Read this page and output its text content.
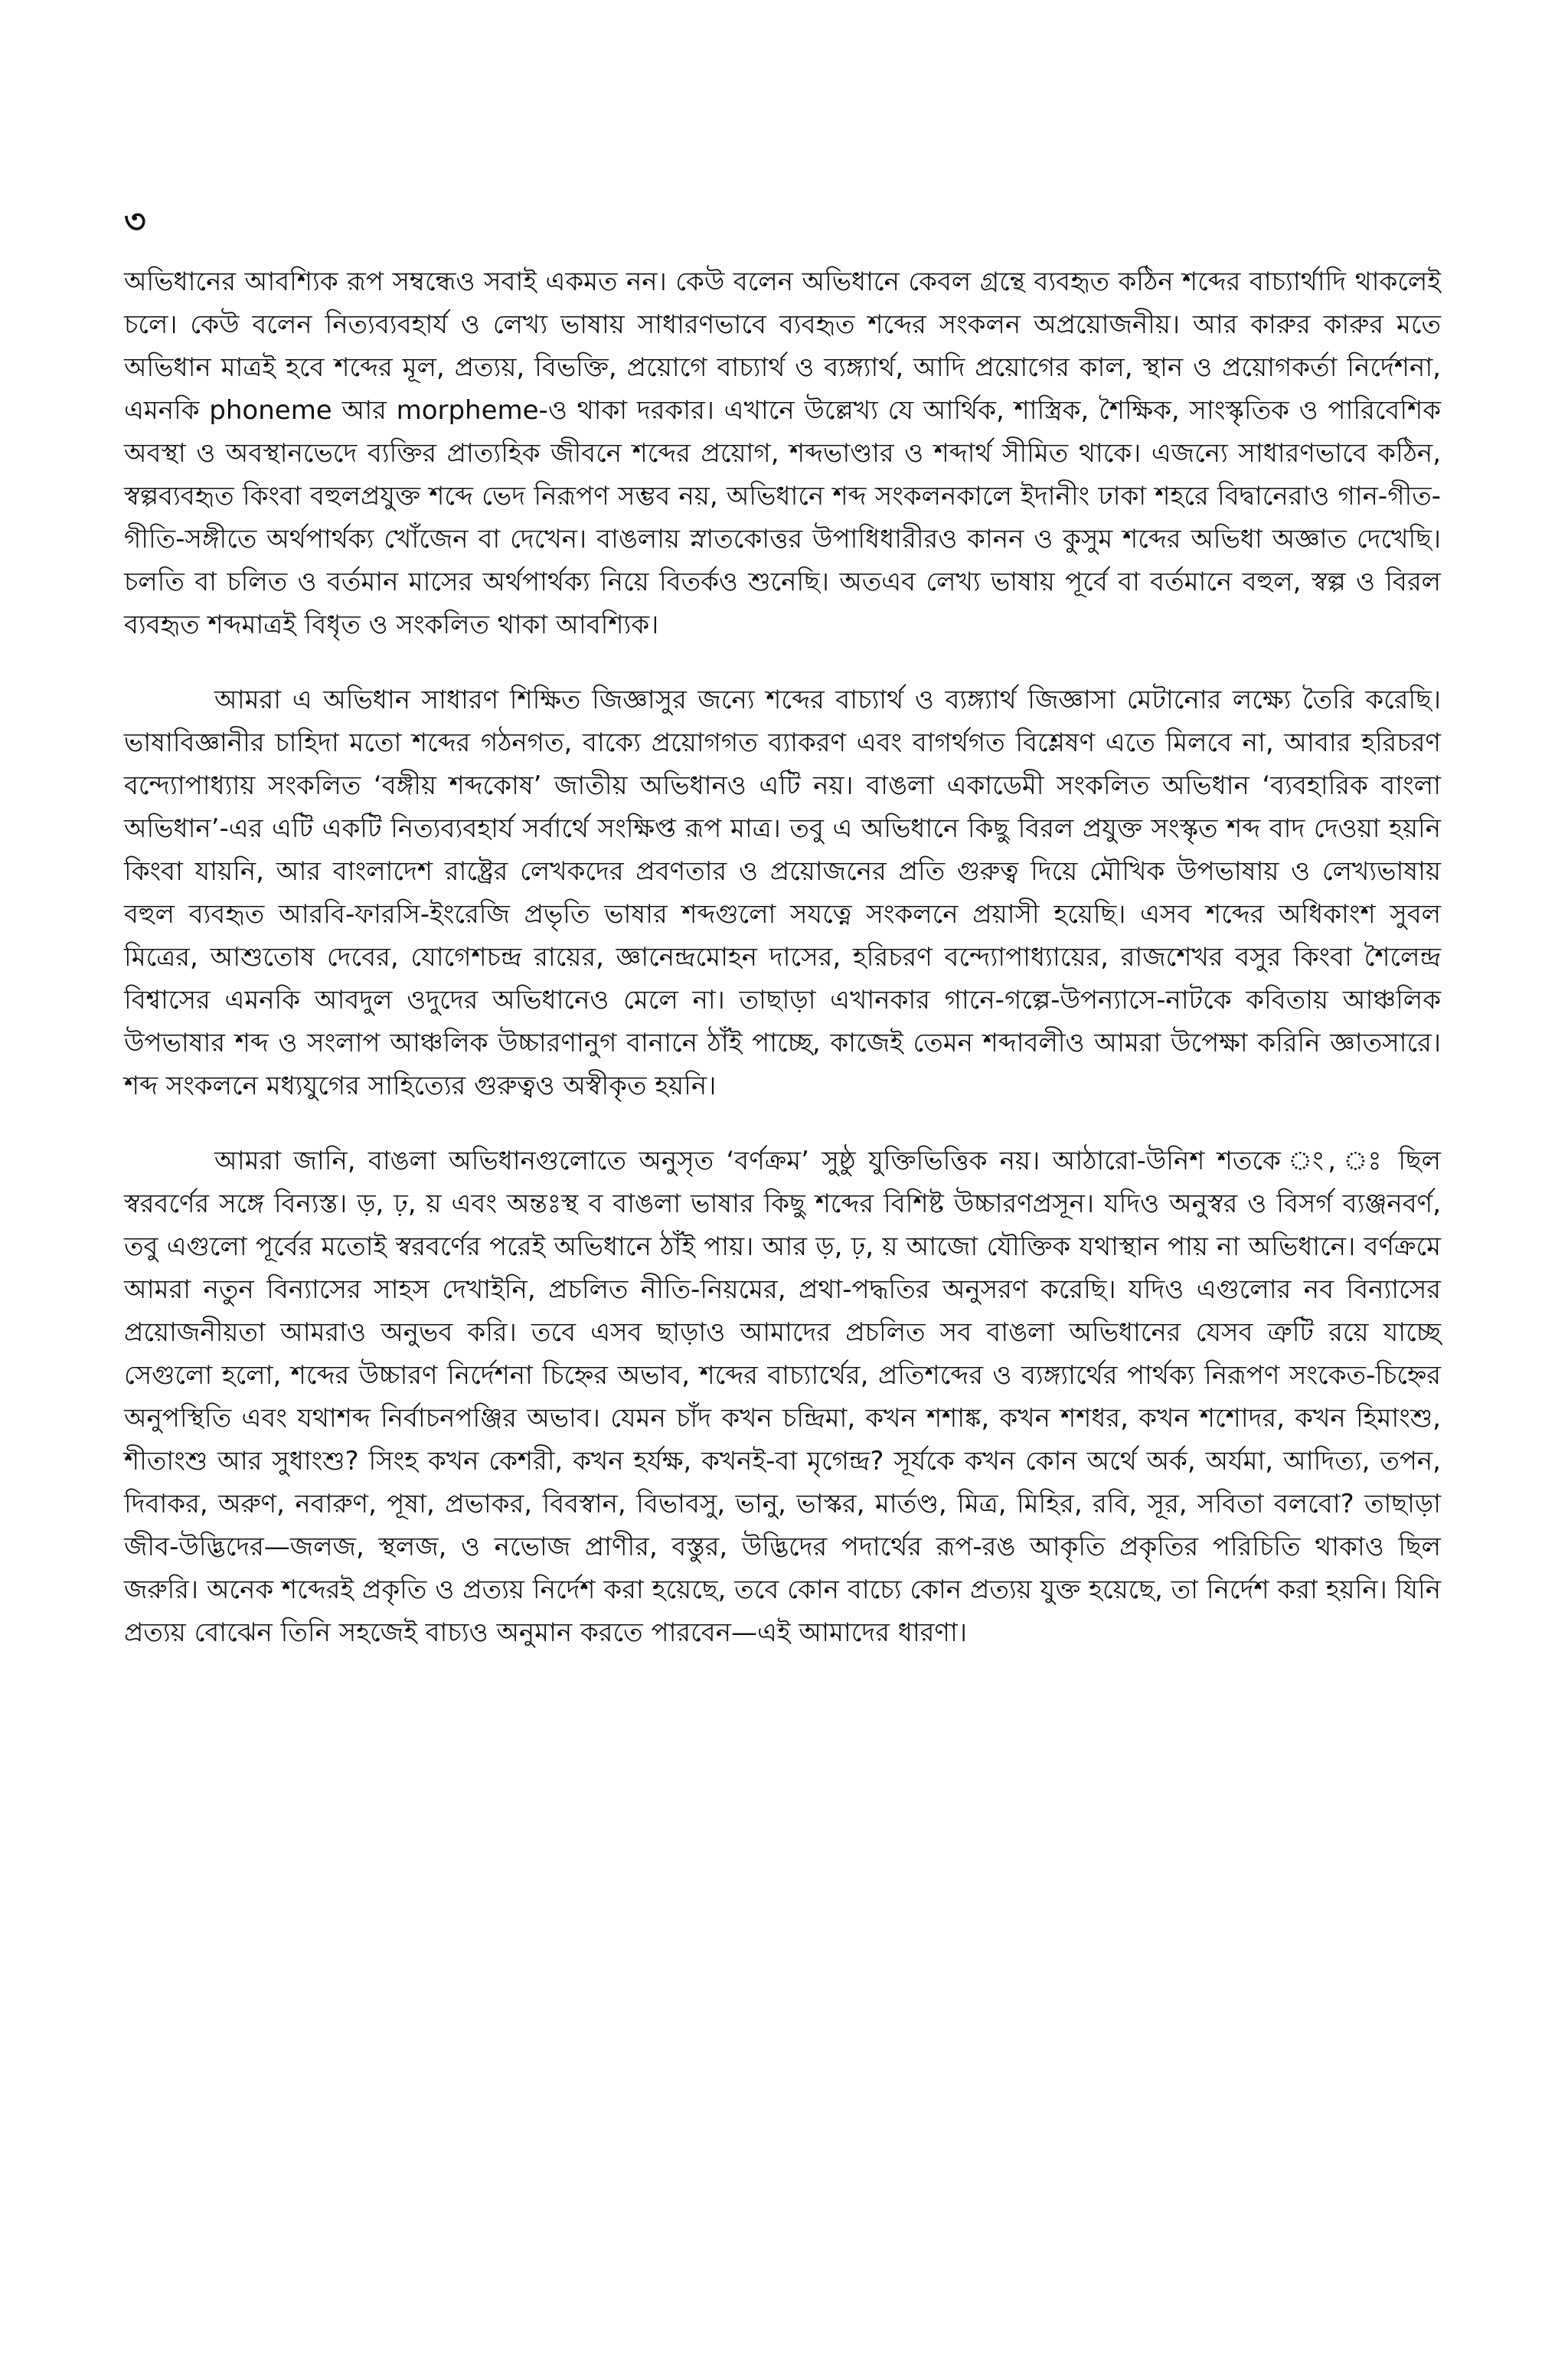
৩

অভিধানের আবশ্যিক রূপ সম্বন্ধেও সবাই একমত নন। কেউ বলেন অভিধানে কেবল গ্রন্থে ব্যবহৃত কঠিন শব্দের বাচ্যার্থাদি থাকলেই চলে। কেউ বলেন নিত্যব্যবহার্য ও লেখ্য ভাষায় সাধারণভাবে ব্যবহৃত শব্দের সংকলন অপ্রয়োজনীয়। আর কারুর কারুর মতে অভিধান মাত্রই হবে শব্দের মূল, প্রত্যয়, বিভক্তি, প্রয়োগে বাচ্যার্থ ও ব্যঙ্গ্যার্থ, আদি প্রয়োগের কাল, স্থান ও প্রয়োগকর্তা নির্দেশনা, এমনকি phoneme আর morpheme-ও থাকা দরকার। এখানে উল্লেখ্য যে আর্থিক, শাস্ত্রিক, শৈক্ষিক, সাংস্কৃতিক ও পারিবেশিক অবস্থা ও অবস্থানভেদে ব্যক্তির প্রাত্যহিক জীবনে শব্দের প্রয়োগ, শব্দভাণ্ডার ও শব্দার্থ সীমিত থাকে। এজন্যে সাধারণভাবে কঠিন, স্বল্পব্যবহৃত কিংবা বহুলপ্রযুক্ত শব্দে ভেদ নিরূপণ সম্ভব নয়, অভিধানে শব্দ সংকলনকালে ইদানীং ঢাকা শহরে বিদ্বানেরাও গান-গীত-গীতি-সঙ্গীতে অর্থপার্থক্য খোঁজেন বা দেখেন। বাঙলায় স্নাতকোত্তর উপাধিধারীরও কানন ও কুসুম শব্দের অভিধা অজ্ঞাত দেখেছি। চলতি বা চলিত ও বর্তমান মাসের অর্থপার্থক্য নিয়ে বিতর্কও শুনেছি। অতএব লেখ্য ভাষায় পূর্বে বা বর্তমানে বহুল, স্বল্প ও বিরল ব্যবহৃত শব্দমাত্রই বিধৃত ও সংকলিত থাকা আবশ্যিক।

আমরা এ অভিধান সাধারণ শিক্ষিত জিজ্ঞাসুর জন্যে শব্দের বাচ্যার্থ ও ব্যঙ্গ্যার্থ জিজ্ঞাসা মেটানোর লক্ষ্যে তৈরি করেছি। ভাষাবিজ্ঞানীর চাহিদা মতো শব্দের গঠনগত, বাক্যে প্রয়োগগত ব্যাকরণ এবং বাগর্থগত বিশ্লেষণ এতে মিলবে না, আবার হরিচরণ বন্দ্যোপাধ্যায় সংকলিত ‘বঙ্গীয় শব্দকোষ’ জাতীয় অভিধানও এটি নয়। বাঙলা একাডেমী সংকলিত অভিধান ‘ব্যবহারিক বাংলা অভিধান’-এর এটি একটি নিত্যব্যবহার্য সর্বার্থে সংক্ষিপ্ত রূপ মাত্র। তবু এ অভিধানে কিছু বিরল প্রযুক্ত সংস্কৃত শব্দ বাদ দেওয়া হয়নি কিংবা যায়নি, আর বাংলাদেশ রাষ্ট্রের লেখকদের প্রবণতার ও প্রয়োজনের প্রতি গুরুত্ব দিয়ে মৌখিক উপভাষায় ও লেখ্যভাষায় বহুল ব্যবহৃত আরবি-ফারসি-ইংরেজি প্রভৃতি ভাষার শব্দগুলো সযত্নে সংকলনে প্রয়াসী হয়েছি। এসব শব্দের অধিকাংশ সুবল মিত্রের, আশুতোষ দেবের, যোগেশচন্দ্র রায়ের, জ্ঞানেন্দ্রমোহন দাসের, হরিচরণ বন্দ্যোপাধ্যায়ের, রাজশেখর বসুর কিংবা শৈলেন্দ্র বিশ্বাসের এমনকি আবদুল ওদুদের অভিধানেও মেলে না। তাছাড়া এখানকার গানে-গল্পে-উপন্যাসে-নাটকে কবিতায় আঞ্চলিক উপভাষার শব্দ ও সংলাপ আঞ্চলিক উচ্চারণানুগ বানানে ঠাঁই পাচ্ছে, কাজেই তেমন শব্দাবলীও আমরা উপেক্ষা করিনি জ্ঞাতসারে। শব্দ সংকলনে মধ্যযুগের সাহিত্যের গুরুত্বও অস্বীকৃত হয়নি।

আমরা জানি, বাঙলা অভিধানগুলোতে অনুসৃত ‘বর্ণক্রম’ সুষ্ঠু যুক্তিভিত্তিক নয়। আঠারো-উনিশ শতকে ং, ঃ ছিল স্বরবর্ণের সঙ্গে বিন্যস্ত। ড়, ঢ়, য় এবং অন্তঃস্থ ব বাঙলা ভাষার কিছু শব্দের বিশিষ্ট উচ্চারণপ্রসূন। যদিও অনুস্বর ও বিসর্গ ব্যঞ্জনবর্ণ, তবু এগুলো পূর্বের মতোই স্বরবর্ণের পরেই অভিধানে ঠাঁই পায়। আর ড়, ঢ়, য় আজো যৌক্তিক যথাস্থান পায় না অভিধানে। বর্ণক্রমে আমরা নতুন বিন্যাসের সাহস দেখাইনি, প্রচলিত নীতি-নিয়মের, প্রথা-পদ্ধতির অনুসরণ করেছি। যদিও এগুলোর নব বিন্যাসের প্রয়োজনীয়তা আমরাও অনুভব করি। তবে এসব ছাড়াও আমাদের প্রচলিত সব বাঙলা অভিধানের যেসব ত্রুটি রয়ে যাচ্ছে সেগুলো হলো, শব্দের উচ্চারণ নির্দেশনা চিহ্নের অভাব, শব্দের বাচ্যার্থের, প্রতিশব্দের ও ব্যঙ্গ্যার্থের পার্থক্য নিরূপণ সংকেত-চিহ্নের অনুপস্থিতি এবং যথাশব্দ নির্বাচনপঞ্জির অভাব। যেমন চাঁদ কখন চন্দ্রিমা, কখন শশাঙ্ক, কখন শশধর, কখন শশোদর, কখন হিমাংশু, শীতাংশু আর সুধাংশু? সিংহ কখন কেশরী, কখন হর্যক্ষ, কখনই-বা মৃগেন্দ্র? সূর্যকে কখন কোন অর্থে অর্ক, অর্যমা, আদিত্য, তপন, দিবাকর, অরুণ, নবারুণ, পূষা, প্রভাকর, বিবস্বান, বিভাবসু, ভানু, ভাস্কর, মার্তণ্ড, মিত্র, মিহির, রবি, সূর, সবিতা বলবো? তাছাড়া জীব-উদ্ভিদের—জলজ, স্থলজ, ও নভোজ প্রাণীর, বস্তুর, উদ্ভিদের পদার্থের রূপ-রঙ আকৃতি প্রকৃতির পরিচিতি থাকাও ছিল জরুরি। অনেক শব্দেরই প্রকৃতি ও প্রত্যয় নির্দেশ করা হয়েছে, তবে কোন বাচ্যে কোন প্রত্যয় যুক্ত হয়েছে, তা নির্দেশ করা হয়নি। যিনি প্রত্যয় বোঝেন তিনি সহজেই বাচ্যও অনুমান করতে পারবেন—এই আমাদের ধারণা।
